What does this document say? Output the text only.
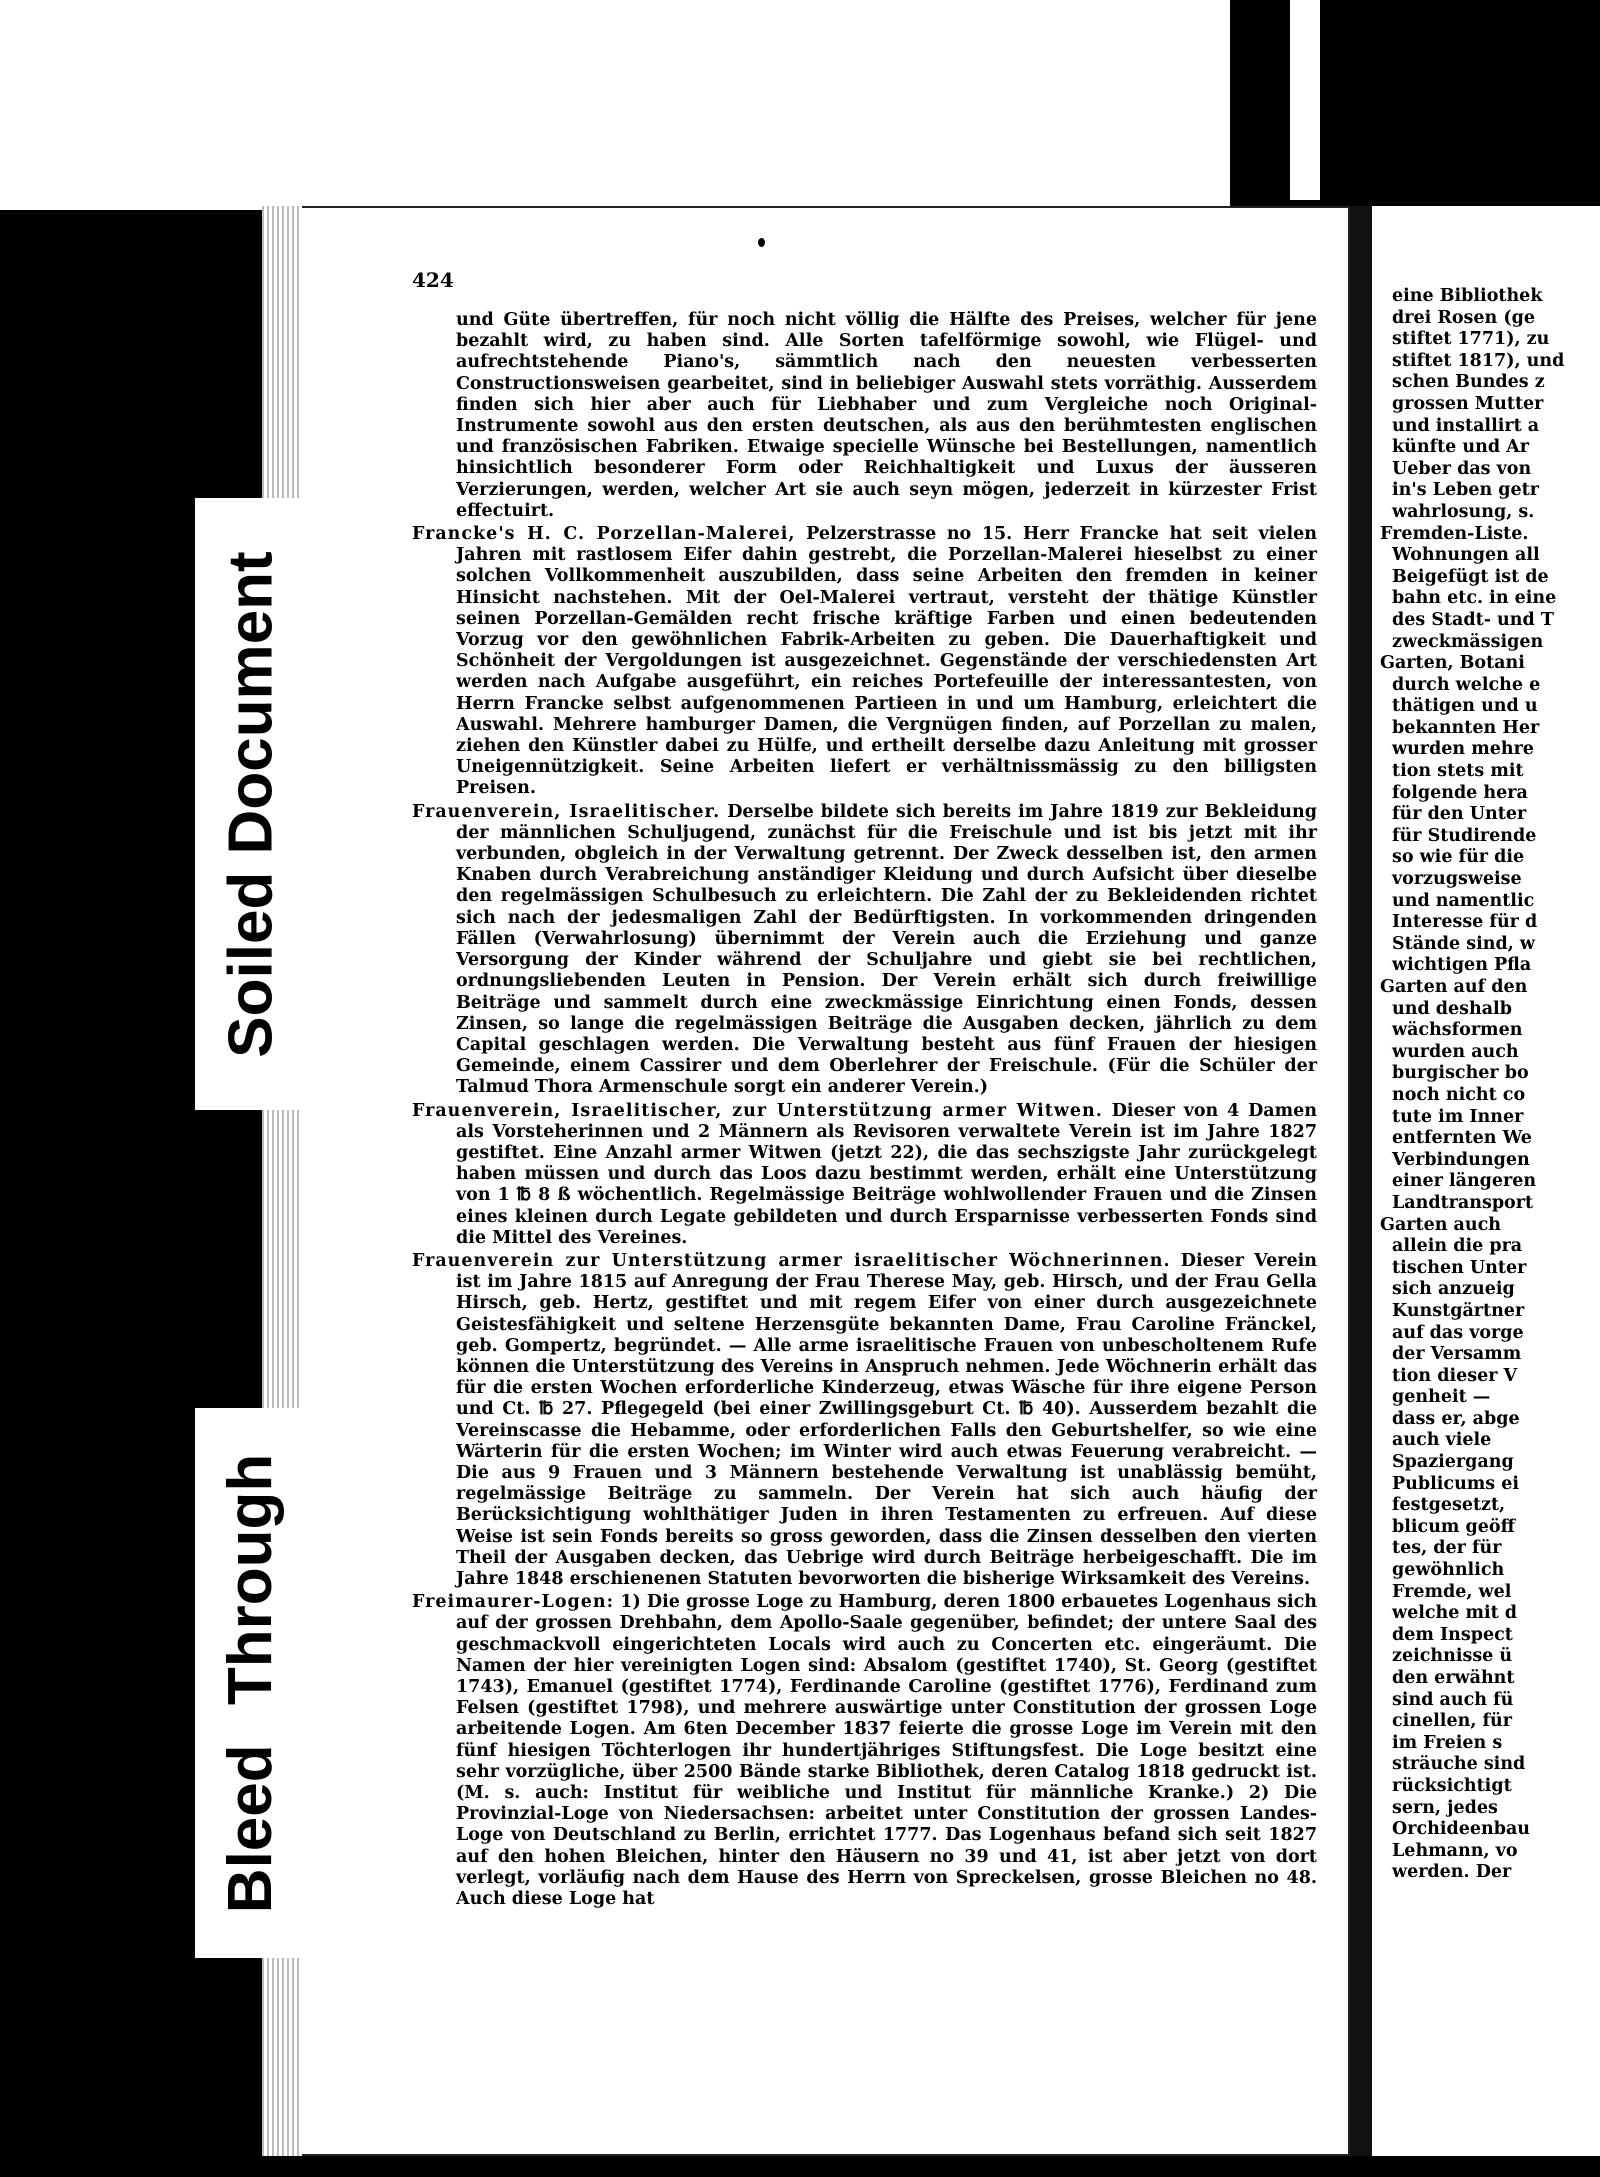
eine Bibliothek
drei Rosen (ge
stiftet 1771), zu
stiftet 1817), und
schen Bundes z
grossen Mutter
und installirt a
künfte und Ar
Ueber das von
in's Leben getr
wahrlosung, s.
Fremden-Liste.
Wohnungen all
Beigefügt ist de
bahn etc. in eine
des Stadt- und T
zweckmässigen
Garten, Botani
durch welche e
thätigen und u
bekannten Her
wurden mehre
tion stets mit
folgende hera
für den Unter
für Studirende
so wie für die
vorzugsweise
und namentlic
Interesse für d
Stände sind, w
wichtigen Pfla
Garten auf den
und deshalb
wächsformen
wurden auch
burgischer bo
noch nicht co
tute im Inner
entfernten We
Verbindungen
einer längeren
Landtransport
Garten auch
allein die pra
tischen Unter
sich anzueig
Kunstgärtner
auf das vorge
der Versamm
tion dieser V
genheit —
dass er, abge
auch viele
Spaziergang
Publicums ei
festgesetzt,
blicum geöff
tes, der für
gewöhnlich
Fremde, wel
welche mit d
dem Inspect
zeichnisse ü
den erwähnt
sind auch fü
cinellen, für
im Freien s
sträuche sind
rücksichtigt
sern, jedes
Orchideenbau
Lehmann, vo
werden. Der
424

und Güte übertreffen, für noch nicht völlig die Hälfte des Preises, welcher für jene bezahlt wird, zu haben sind. Alle Sorten tafelförmige sowohl, wie Flügel- und aufrechtstehende Piano's, sämmtlich nach den neuesten verbesserten Constructionsweisen gearbeitet, sind in beliebiger Auswahl stets vorräthig. Ausserdem finden sich hier aber auch für Liebhaber und zum Vergleiche noch Original-Instrumente sowohl aus den ersten deutschen, als aus den berühmtesten englischen und französischen Fabriken. Etwaige specielle Wünsche bei Bestellungen, namentlich hinsichtlich besonderer Form oder Reichhaltigkeit und Luxus der äusseren Verzierungen, werden, welcher Art sie auch seyn mögen, jederzeit in kürzester Frist effectuirt.

Francke's H. C. Porzellan-Malerei, Pelzerstrasse no 15. Herr Francke hat seit vielen Jahren mit rastlosem Eifer dahin gestrebt, die Porzellan-Malerei hieselbst zu einer solchen Vollkommenheit auszubilden, dass seine Arbeiten den fremden in keiner Hinsicht nachstehen. Mit der Oel-Malerei vertraut, versteht der thätige Künstler seinen Porzellan-Gemälden recht frische kräftige Farben und einen bedeutenden Vorzug vor den gewöhnlichen Fabrik-Arbeiten zu geben. Die Dauerhaftigkeit und Schönheit der Vergoldungen ist ausgezeichnet. Gegenstände der verschiedensten Art werden nach Aufgabe ausgeführt, ein reiches Portefeuille der interessantesten, von Herrn Francke selbst aufgenommenen Partieen in und um Hamburg, erleichtert die Auswahl. Mehrere hamburger Damen, die Vergnügen finden, auf Porzellan zu malen, ziehen den Künstler dabei zu Hülfe, und ertheilt derselbe dazu Anleitung mit grosser Uneigennützigkeit. Seine Arbeiten liefert er verhältnissmässig zu den billigsten Preisen.

Frauenverein, Israelitischer. Derselbe bildete sich bereits im Jahre 1819 zur Bekleidung der männlichen Schuljugend, zunächst für die Freischule und ist bis jetzt mit ihr verbunden, obgleich in der Verwaltung getrennt. Der Zweck desselben ist, den armen Knaben durch Verabreichung anständiger Kleidung und durch Aufsicht über dieselbe den regelmässigen Schulbesuch zu erleichtern. Die Zahl der zu Bekleidenden richtet sich nach der jedesmaligen Zahl der Bedürftigsten. In vorkommenden dringenden Fällen (Verwahrlosung) übernimmt der Verein auch die Erziehung und ganze Versorgung der Kinder während der Schuljahre und giebt sie bei rechtlichen, ordnungsliebenden Leuten in Pension. Der Verein erhält sich durch freiwillige Beiträge und sammelt durch eine zweckmässige Einrichtung einen Fonds, dessen Zinsen, so lange die regelmässigen Beiträge die Ausgaben decken, jährlich zu dem Capital geschlagen werden. Die Verwaltung besteht aus fünf Frauen der hiesigen Gemeinde, einem Cassirer und dem Oberlehrer der Freischule. (Für die Schüler der Talmud Thora Armenschule sorgt ein anderer Verein.)

Frauenverein, Israelitischer, zur Unterstützung armer Witwen. Dieser von 4 Damen als Vorsteherinnen und 2 Männern als Revisoren verwaltete Verein ist im Jahre 1827 gestiftet. Eine Anzahl armer Witwen (jetzt 22), die das sechszigste Jahr zurückgelegt haben müssen und durch das Loos dazu bestimmt werden, erhält eine Unterstützung von 1 ℔ 8 ß wöchentlich. Regelmässige Beiträge wohlwollender Frauen und die Zinsen eines kleinen durch Legate gebildeten und durch Ersparnisse verbesserten Fonds sind die Mittel des Vereines.

Frauenverein zur Unterstützung armer israelitischer Wöchnerinnen. Dieser Verein ist im Jahre 1815 auf Anregung der Frau Therese May, geb. Hirsch, und der Frau Gella Hirsch, geb. Hertz, gestiftet und mit regem Eifer von einer durch ausgezeichnete Geistesfähigkeit und seltene Herzensgüte bekannten Dame, Frau Caroline Fränckel, geb. Gompertz, begründet. — Alle arme israelitische Frauen von unbescholtenem Rufe können die Unterstützung des Vereins in Anspruch nehmen. Jede Wöchnerin erhält das für die ersten Wochen erforderliche Kinderzeug, etwas Wäsche für ihre eigene Person und Ct. ℔ 27. Pflegegeld (bei einer Zwillingsgeburt Ct. ℔ 40). Ausserdem bezahlt die Vereinscasse die Hebamme, oder erforderlichen Falls den Geburtshelfer, so wie eine Wärterin für die ersten Wochen; im Winter wird auch etwas Feuerung verabreicht. — Die aus 9 Frauen und 3 Männern bestehende Verwaltung ist unablässig bemüht, regelmässige Beiträge zu sammeln. Der Verein hat sich auch häufig der Berücksichtigung wohlthätiger Juden in ihren Testamenten zu erfreuen. Auf diese Weise ist sein Fonds bereits so gross geworden, dass die Zinsen desselben den vierten Theil der Ausgaben decken, das Uebrige wird durch Beiträge herbeigeschafft. Die im Jahre 1848 erschienenen Statuten bevorworten die bisherige Wirksamkeit des Vereins.

Freimaurer-Logen: 1) Die grosse Loge zu Hamburg, deren 1800 erbauetes Logenhaus sich auf der grossen Drehbahn, dem Apollo-Saale gegenüber, befindet; der untere Saal des geschmackvoll eingerichteten Locals wird auch zu Concerten etc. eingeräumt. Die Namen der hier vereinigten Logen sind: Absalom (gestiftet 1740), St. Georg (gestiftet 1743), Emanuel (gestiftet 1774), Ferdinande Caroline (gestiftet 1776), Ferdinand zum Felsen (gestiftet 1798), und mehrere auswärtige unter Constitution der grossen Loge arbeitende Logen. Am 6ten December 1837 feierte die grosse Loge im Verein mit den fünf hiesigen Töchterlogen ihr hundertjähriges Stiftungsfest. Die Loge besitzt eine sehr vorzügliche, über 2500 Bände starke Bibliothek, deren Catalog 1818 gedruckt ist. (M. s. auch: Institut für weibliche und Institut für männliche Kranke.) 2) Die Provinzial-Loge von Niedersachsen: arbeitet unter Constitution der grossen Landes-Loge von Deutschland zu Berlin, errichtet 1777. Das Logenhaus befand sich seit 1827 auf den hohen Bleichen, hinter den Häusern no 39 und 41, ist aber jetzt von dort verlegt, vorläufig nach dem Hause des Herrn von Spreckelsen, grosse Bleichen no 48. Auch diese Loge hat

Soiled Document
Bleed Through
